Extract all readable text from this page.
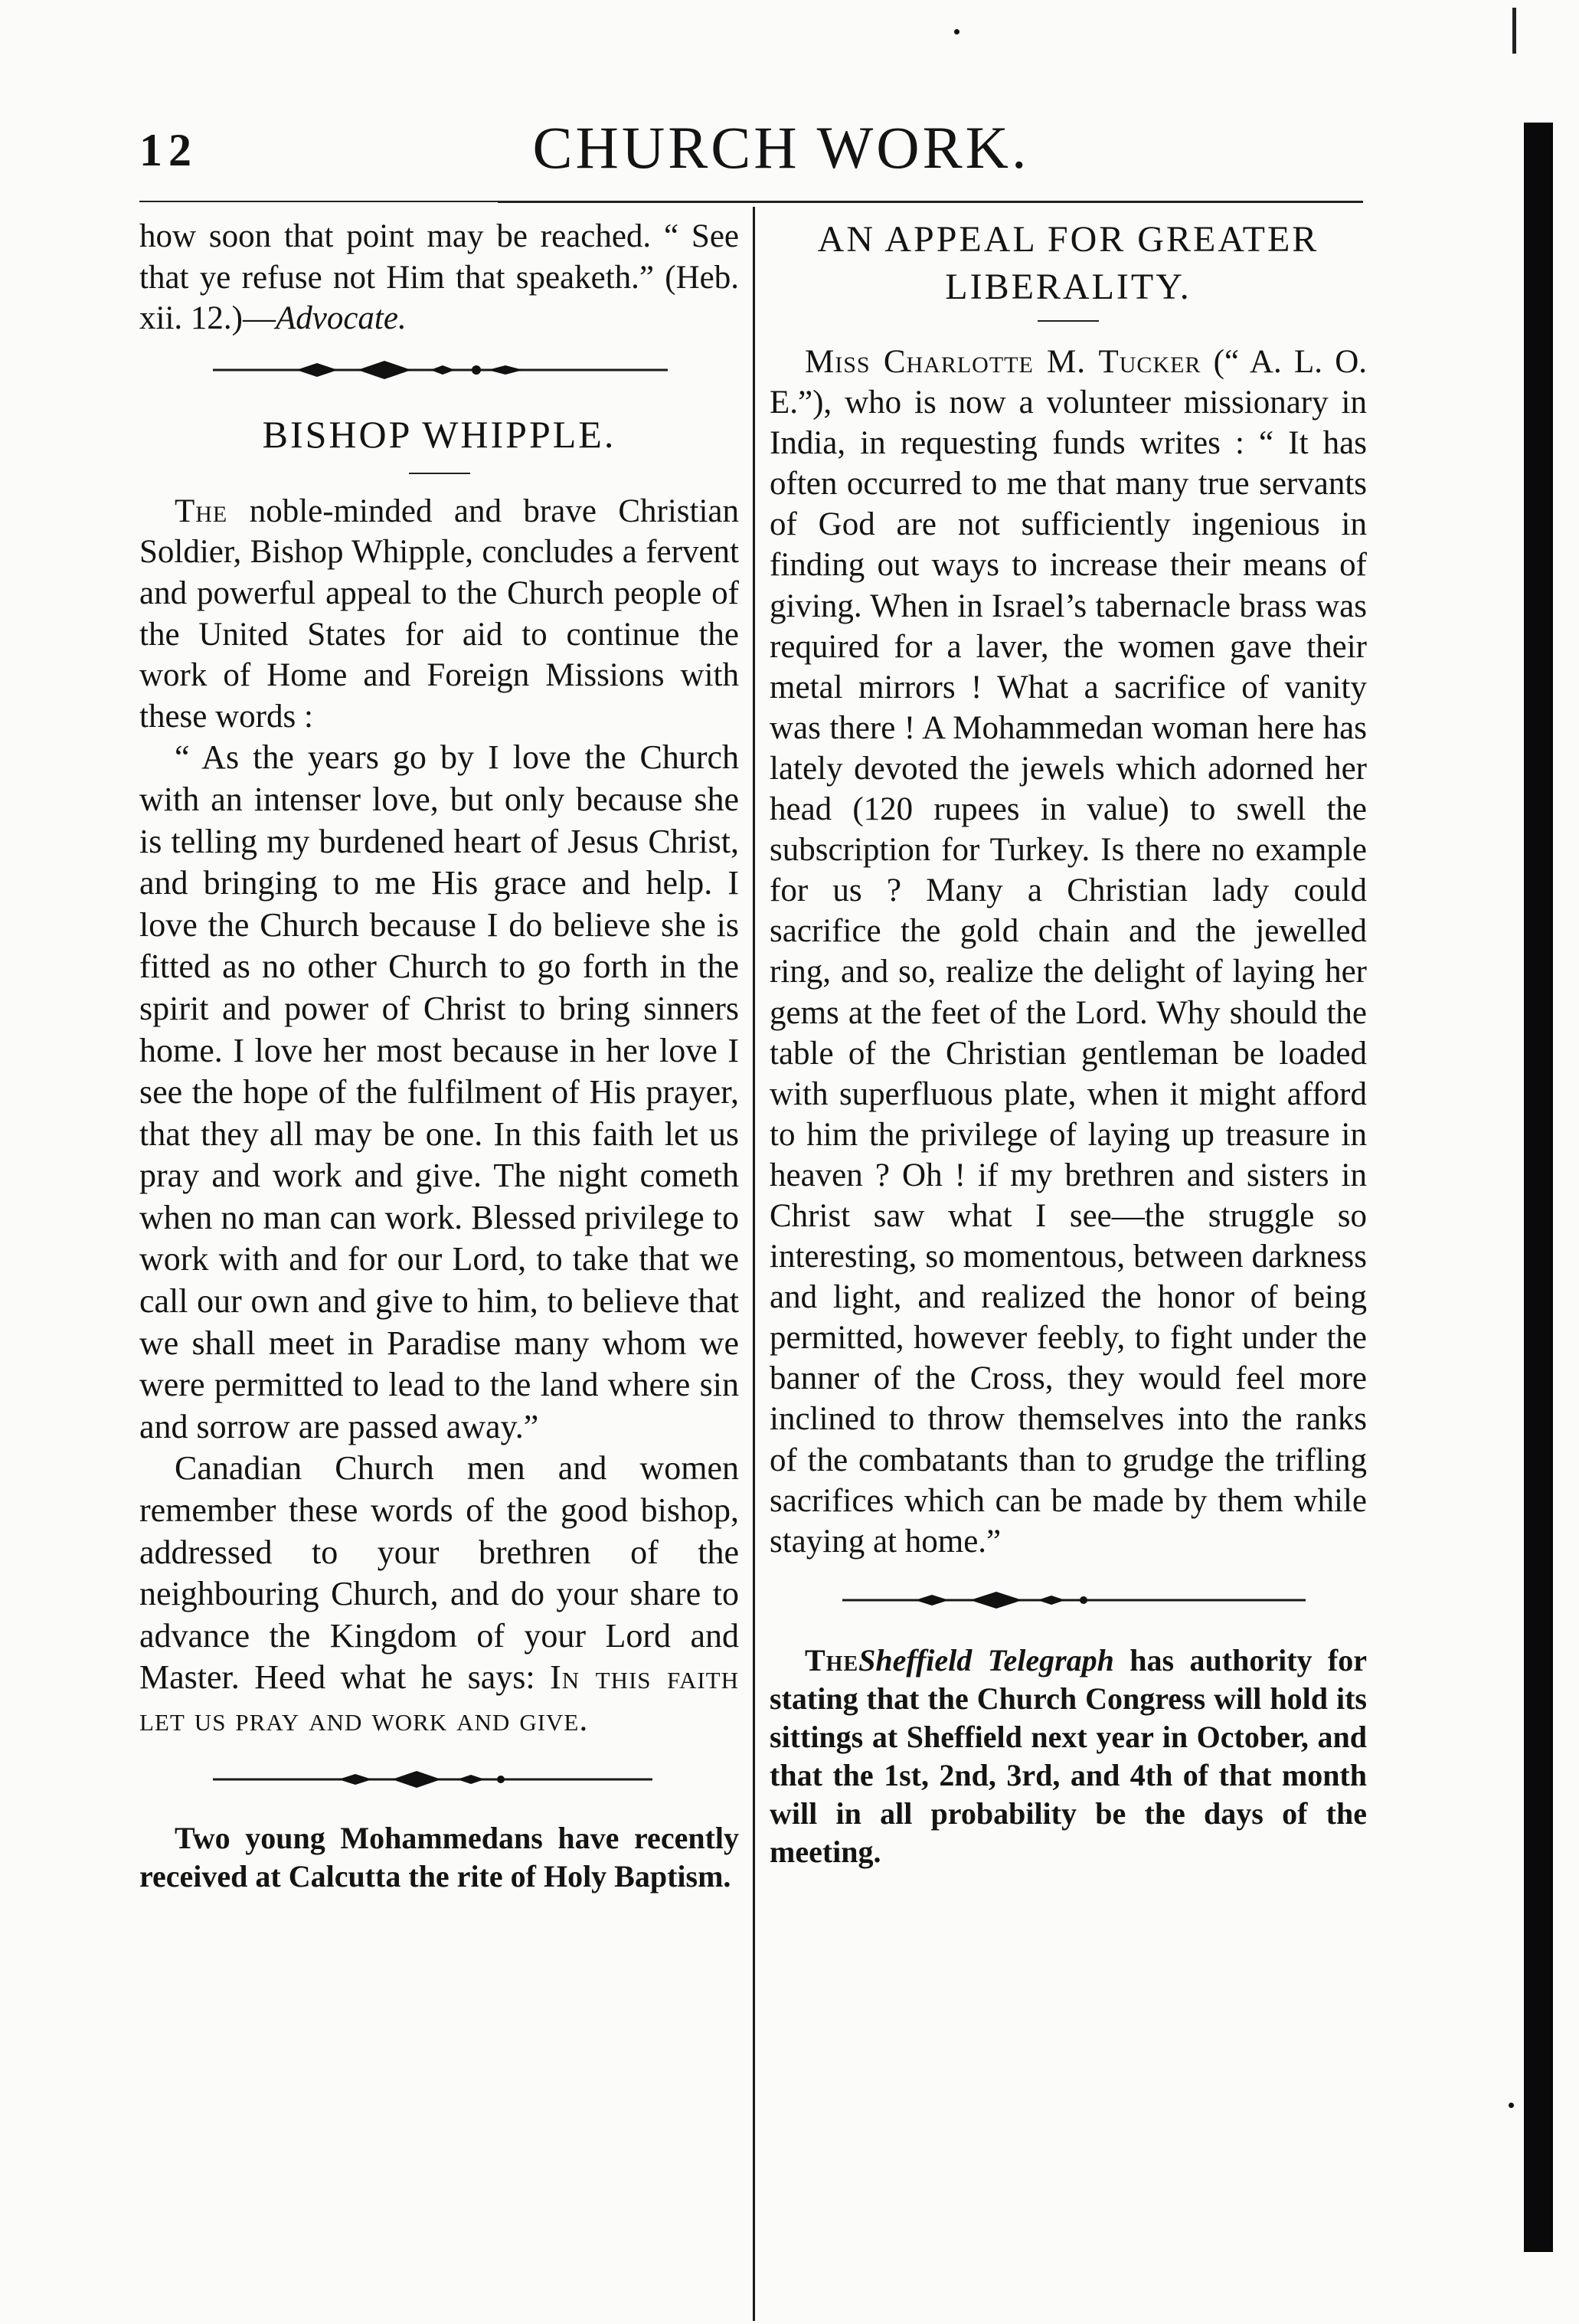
12	CHURCH WORK.

how soon that point may be reached. “ See that ye refuse not Him that speaketh.” (Heb. xii. 12.)—Advocate.

BISHOP WHIPPLE.

The noble-minded and brave Christian Soldier, Bishop Whipple, concludes a fervent and powerful appeal to the Church people of the United States for aid to continue the work of Home and Foreign Missions with these words :

“ As the years go by I love the Church with an intenser love, but only because she is telling my burdened heart of Jesus Christ, and bringing to me His grace and help. I love the Church because I do believe she is fitted as no other Church to go forth in the spirit and power of Christ to bring sinners home. I love her most because in her love I see the hope of the fulfilment of His prayer, that they all may be one. In this faith let us pray and work and give. The night cometh when no man can work. Blessed privilege to work with and for our Lord, to take that we call our own and give to him, to believe that we shall meet in Paradise many whom we were permitted to lead to the land where sin and sorrow are passed away.”

Canadian Church men and women remember these words of the good bishop, addressed to your brethren of the neighbouring Church, and do your share to advance the Kingdom of your Lord and Master. Heed what he says: In this faith let us pray and work and give.

Two young Mohammedans have recently received at Calcutta the rite of Holy Baptism.

AN APPEAL FOR GREATER LIBERALITY.

Miss Charlotte M. Tucker (“ A. L. O. E.”), who is now a volunteer missionary in India, in requesting funds writes : “ It has often occurred to me that many true servants of God are not sufficiently ingenious in finding out ways to increase their means of giving. When in Israel’s tabernacle brass was required for a laver, the women gave their metal mirrors ! What a sacrifice of vanity was there ! A Mohammedan woman here has lately devoted the jewels which adorned her head (120 rupees in value) to swell the subscription for Turkey. Is there no example for us ? Many a Christian lady could sacrifice the gold chain and the jewelled ring, and so, realize the delight of laying her gems at the feet of the Lord. Why should the table of the Christian gentleman be loaded with superfluous plate, when it might afford to him the privilege of laying up treasure in heaven ? Oh ! if my brethren and sisters in Christ saw what I see—the struggle so interesting, so momentous, between darkness and light, and realized the honor of being permitted, however feebly, to fight under the banner of the Cross, they would feel more inclined to throw themselves into the ranks of the combatants than to grudge the trifling sacrifices which can be made by them while staying at home.”

TheSheffield Telegraph has authority for stating that the Church Congress will hold its sittings at Sheffield next year in October, and that the 1st, 2nd, 3rd, and 4th of that month will in all probability be the days of the meeting.
